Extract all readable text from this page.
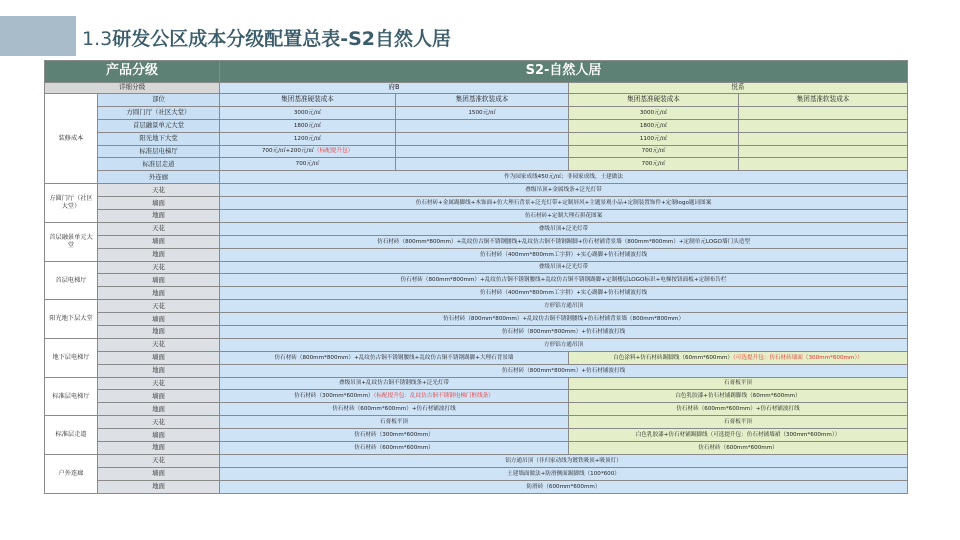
1.3研发公区成本分级配置总表-S2自然人居
产品分级		S2-自然人居			
详细分级		府B		悦系	
装修成本	部位	集团基准硬装成本	集团基准软装成本	集团基准硬装成本	集团基准软装成本
	方圆门厅（社区大堂）	3000元/㎡	1500元/㎡	3000元/㎡	
	首层融景单元大堂	1800元/㎡		1800元/㎡	
	阳光地下大堂	1200元/㎡		1100元/㎡	
	标准层电梯厅	700元/㎡+200元/㎡（标配提升包）		700元/㎡	
	标准层走道	700元/㎡		700元/㎡	
	外连廊	作为园家成线450元/㎡；非园家成线，土建做法			
方圆门厅（社区大堂）	天花	叠级吊顶+金属线条+泛光灯带			
	墙面	仿石材砖+金属踢脚线+木饰面+仿大理石背景+泛光灯带+定制屏风+主题景观小品+定制装置饰件+定制logo题词图案			
	地面	仿石材砖+定制大理石拼花图案			
首层融景单元大堂	天花	叠级吊顶+泛光灯带			
	墙面	仿石材砖（800mm*800mm）+乱纹仿古铜不锈钢腰线+乱纹仿古铜不锈钢踢脚+仿石材铺背景墙（800mm*800mm）+定制单元LOGO墙门头造型			
	地面	仿石材砖（400mm*800mm工字拼）+实心踢脚+仿石材铺波打线			
首层电梯厅	天花	叠级吊顶+泛光灯带			
	墙面	仿石材砖（800mm*800mm）+乱纹仿古铜不锈钢腰线+乱纹仿古铜不锈钢踢脚+定制楼层LOGO标识+电梯按钮面板+定制布告栏			
	地面	仿石材砖（400mm*800mm工字拼）+实心踢脚+仿石材铺波打线			
阳光地下层大堂	天花	方形铝方通吊顶			
	墙面	仿石材砖（800mm*800mm）+乱纹仿古铜不锈钢腰线+仿石材铺背景墙（800mm*800mm）			
	地面	仿石材砖（800mm*800mm）+仿石材铺波打线			
地下层电梯厅	天花	方形铝方通吊顶			
	墙面	仿石材砖（800mm*800mm）+乱纹仿古铜不锈钢腰线+乱纹仿古铜不锈钢踢脚+大理石背景墙		白色涂料+仿石材砖踢脚线（60mm*600mm）（可选提升包：仿石材砖墙面（300mm*600mm））	
	地面	仿石材砖（800mm*800mm）+仿石材铺波打线			
标准层电梯厅	天花	叠级吊顶+乱纹仿古铜不锈钢线条+泛光灯带		石膏板平顶	
	墙面	仿石材砖（300mm*600mm）（标配提升包：乱纹仿古铜不锈钢电梯门框线条）		白色乳胶漆+仿石材铺踢脚线（60mm*600mm）	
	地面	仿石材砖（600mm*600mm）+仿石材铺波打线		仿石材砖（600mm*600mm）+仿石材铺波打线	
标准层走道	天花	石膏板平顶		石膏板平顶	
	墙面	仿石材砖（300mm*600mm）		白色乳胶漆+仿石材铺踢脚线（可选提升包：仿石材铺墙裙（300mm*600mm））	
	地面	仿石材砖（600mm*600mm）		仿石材砖（600mm*600mm）	
户外连廊	天花	铝方通吊顶（非归家动线为镀铁吸顶+吸顶灯）			
	墙面	土建墙面做法+防滑侧面踢脚线（100*600）			
	地面	防滑砖（600mm*600mm）			
